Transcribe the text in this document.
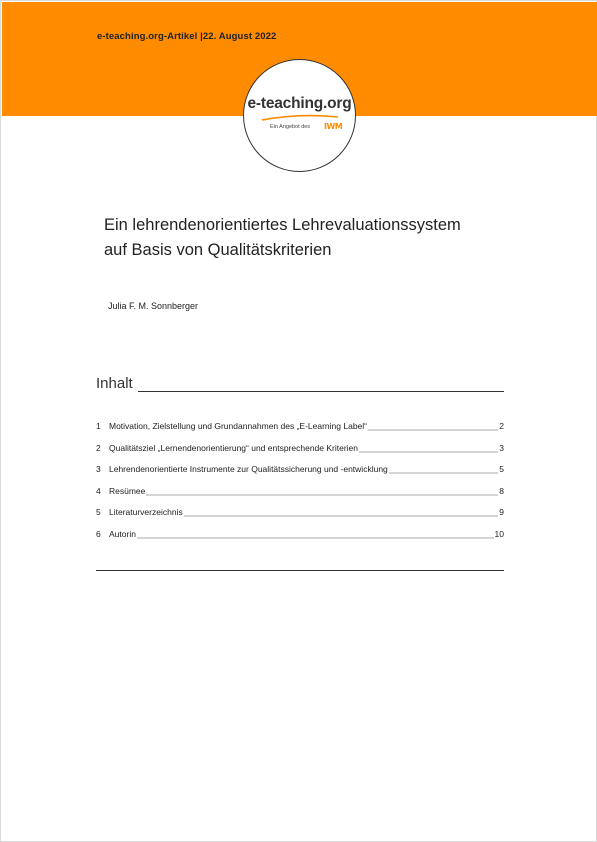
e-teaching.org-Artikel |22. August 2022
e-teaching.org
Ein Angebot des IWM
Ein lehrendenorientiertes Lehrevaluationssystem
auf Basis von Qualitätskriterien
Julia F. M. Sonnberger
Inhalt
1 Motivation, Zielstellung und Grundannahmen des „E-Learning Label“	2
2 Qualitätsziel „Lernendenorientierung“ und entsprechende Kriterien	3
3 Lehrendenorientierte Instrumente zur Qualitätssicherung und -entwicklung	5
4 Resümee	8
5 Literaturverzeichnis	9
6 Autorin	10
